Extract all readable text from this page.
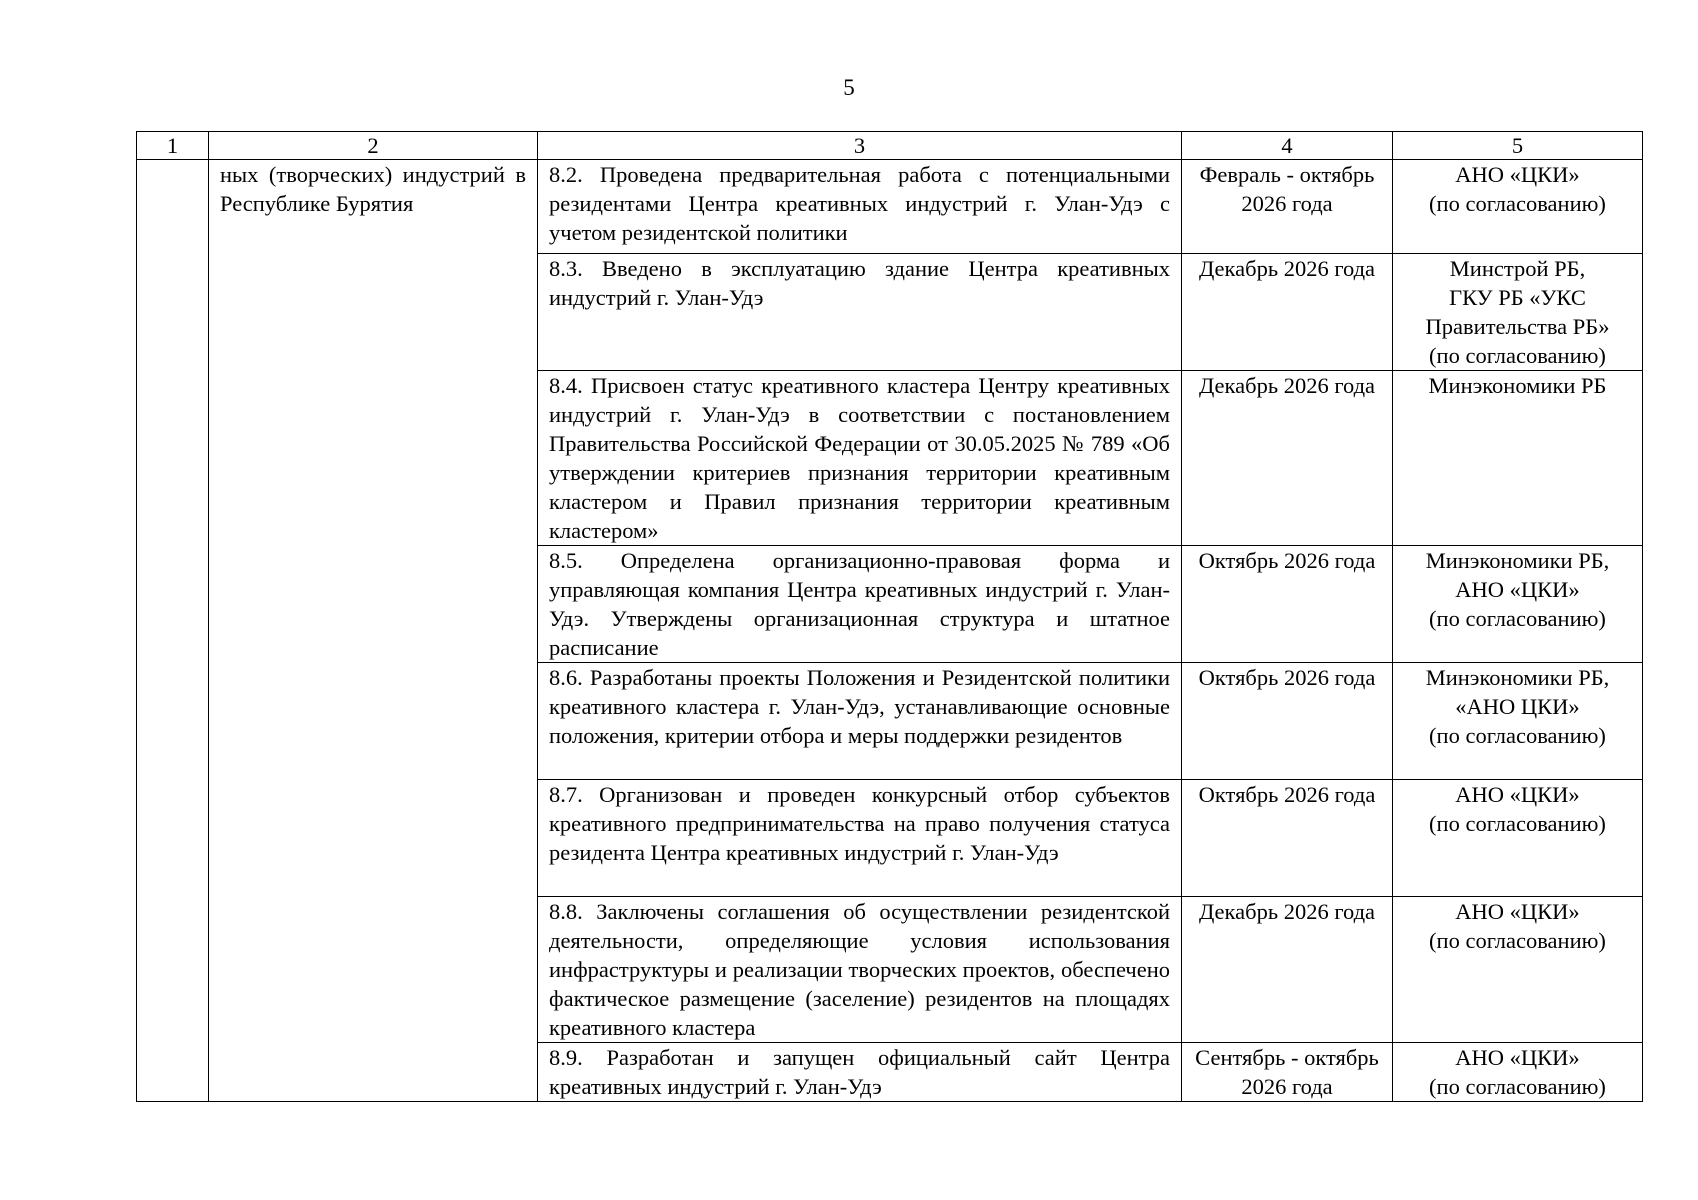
5
1	2	3	4	5
	ных (творческих) индустрий в Республике Бурятия	8.2. Проведена предварительная работа с потенциальными резидентами Центра креативных индустрий г. Улан-Удэ с учетом резидентской политики	Февраль - октябрь
2026 года	АНО «ЦКИ»
(по согласованию)
		8.3. Введено в эксплуатацию здание Центра креативных индустрий г. Улан-Удэ	Декабрь 2026 года	Минстрой РБ,
ГКУ РБ «УКС
Правительства РБ»
(по согласованию)
		8.4. Присвоен статус креативного кластера Центру креативных индустрий г. Улан-Удэ в соответствии с постановлением Правительства Российской Федерации от 30.05.2025 № 789 «Об утверждении критериев признания территории креативным кластером и Правил признания территории креативным кластером»	Декабрь 2026 года	Минэкономики РБ
		8.5. Определена организационно-правовая форма и управляющая компания Центра креативных индустрий г. Улан-Удэ. Утверждены организационная структура и штатное расписание	Октябрь 2026 года	Минэкономики РБ,
АНО «ЦКИ»
(по согласованию)
		8.6. Разработаны проекты Положения и Резидентской политики креативного кластера г. Улан-Удэ, устанавливающие основные положения, критерии отбора и меры поддержки резидентов	Октябрь 2026 года	Минэкономики РБ,
«АНО ЦКИ»
(по согласованию)
		8.7. Организован и проведен конкурсный отбор субъектов креативного предпринимательства на право получения статуса резидента Центра креативных индустрий г. Улан-Удэ	Октябрь 2026 года	АНО «ЦКИ»
(по согласованию)
		8.8. Заключены соглашения об осуществлении резидентской деятельности, определяющие условия использования инфраструктуры и реализации творческих проектов, обеспечено фактическое размещение (заселение) резидентов на площадях креативного кластера	Декабрь 2026 года	АНО «ЦКИ»
(по согласованию)
		8.9. Разработан и запущен официальный сайт Центра креативных индустрий г. Улан-Удэ	Сентябрь - октябрь
2026 года	АНО «ЦКИ»
(по согласованию)
